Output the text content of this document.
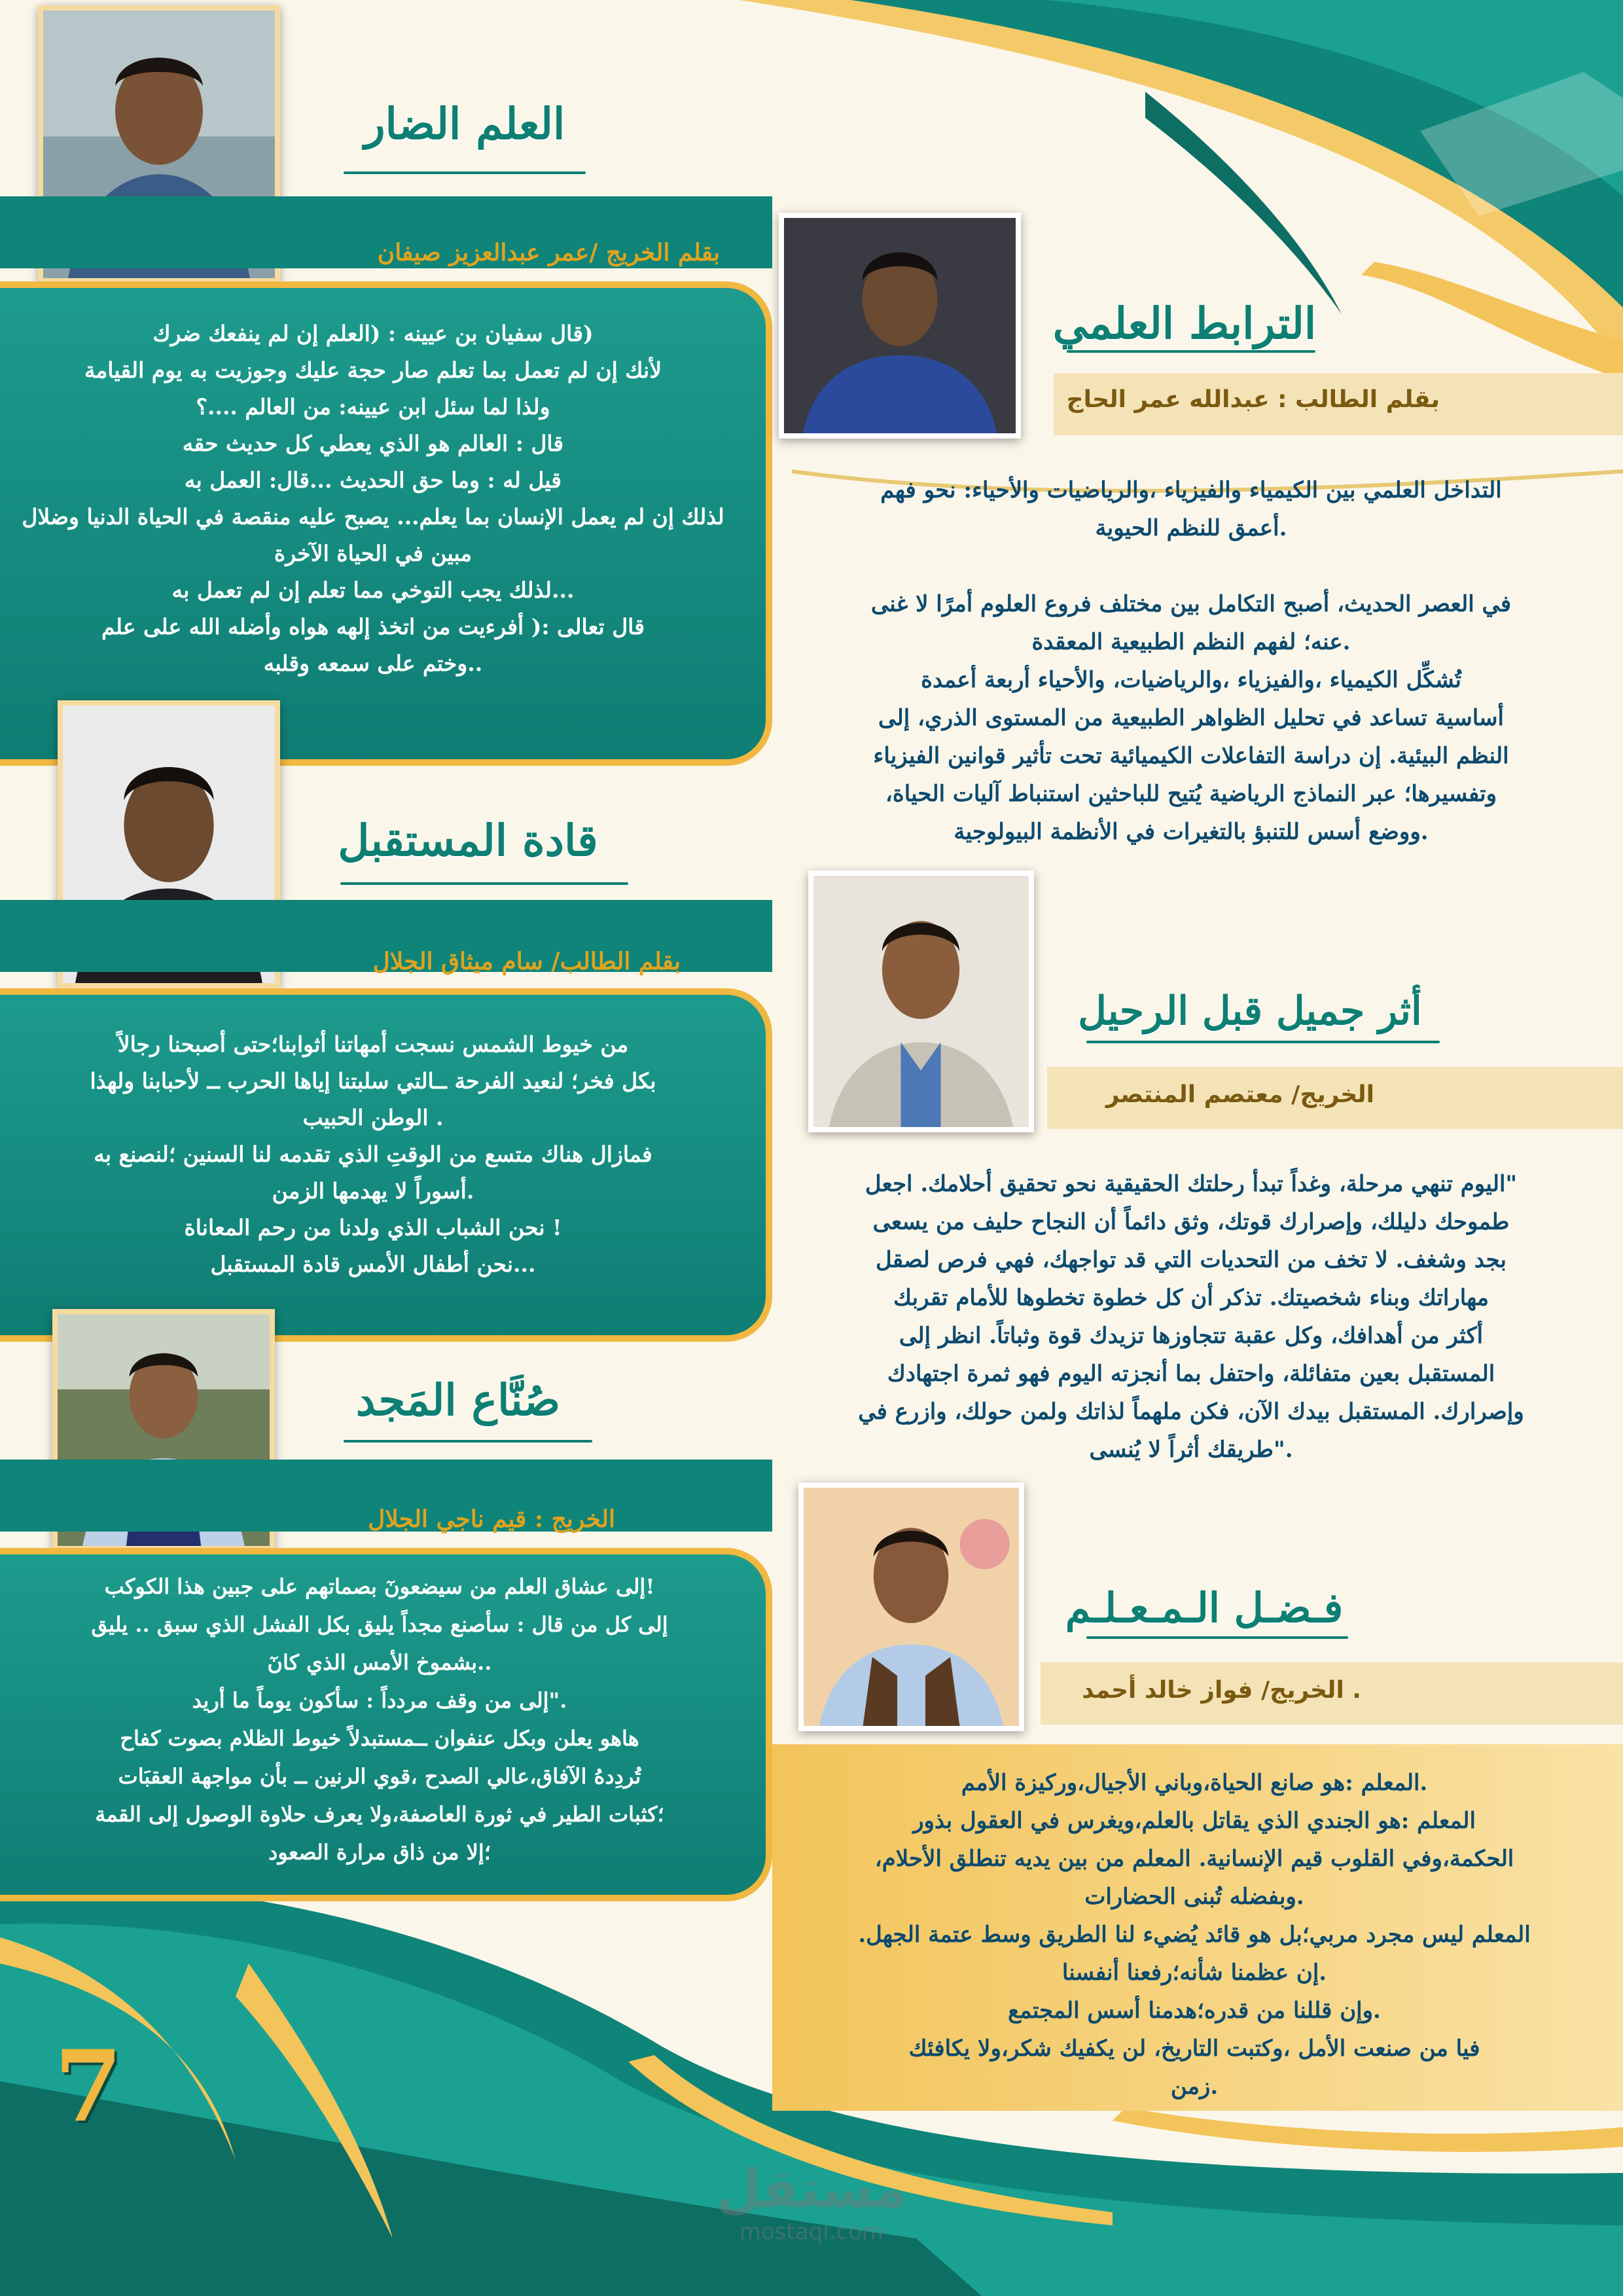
العلم الضار
بقلم الخريج /عمر عبدالعزيز صيفان
(قال سفيان بن عيينه : (العلم إن لم ينفعك ضرك
لأنك إن لم تعمل بما تعلم صار حجة عليك وجوزيت به يوم القيامة
ولذا لما سئل ابن عيينه: من العالم ....؟
قال : العالم هو الذي يعطي كل حديث حقه
قيل له : وما حق الحديث ...قال: العمل به
لذلك إن لم يعمل الإنسان بما يعلم... يصبح عليه منقصة في الحياة الدنيا وضلال مبين في الحياة الآخرة
...لذلك يجب التوخي مما تعلم إن لم تعمل به
قال تعالى :( أفرءيت من اتخذ إلهه هواه وأضله الله على علم
..وختم على سمعه وقلبه
قادة المستقبل
بقلم الطالب/ سام ميثاق الجلال
من خيوط الشمس نسجت أمهاتنا أثوابنا؛حتى أصبحنا رجالاً
بكل فخر؛ لنعيد الفرحة ــالتي سلبتنا إياها الحرب ــ لأحبابنا ولهذا
. الوطن الحبيب
فمازال هناك متسع من الوقتِ الذي تقدمه لنا السنين ؛لنصنع به
.أسوراً لا يهدمها الزمن
! نحن الشباب الذي ولدنا من رحم المعاناة
...نحن أطفال الأمس قادة المستقبل
صُنَّاع المَجد
الخريج : قيم ناجي الجلال
!إلى عشاق العلم من سيضعونٓ بصماتهم على جبين هذا الكوكب
إلى كل من قال : سأصنع مجداً يليق بكل الفشل الذي سبق .. يليق
..بشموخ الأمس الذي كانٓ
."إلى من وقف مردداً : سأكون يوماً ما أريد
هاهو يعلن وبكل عنفوان ــمستبدلاً خيوط الظلام بصوت كفاح
تُردِدهُ الآفاق،عالي الصدح ،قوي الرنين ــ بأن مواجهة العقبَات
؛كثبات الطير في ثورة العاصفة،ولا يعرف حلاوة الوصول إلى القمة
؛إلا من ذاق مرارة الصعود
الترابط العلمي
بقلم الطالب : عبدالله عمر الحاج
التداخل العلمي بين الكيمياء والفيزياء ،والرياضيات والأحياء: نحو فهم
.أعمق للنظم الحيوية

في العصر الحديث، أصبح التكامل بين مختلف فروع العلوم أمرًا لا غنى
.عنه؛ لفهم النظم الطبيعية المعقدة
تُشكِّل الكيمياء ،والفيزياء ،والرياضيات، والأحياء أربعة أعمدة
أساسية تساعد في تحليل الظواهر الطبيعية من المستوى الذري، إلى
النظم البيئية. إن دراسة التفاعلات الكيميائية تحت تأثير قوانين الفيزياء
وتفسيرها؛ عبر النماذج الرياضية يُتيح للباحثين استنباط آليات الحياة،
.ووضع أسس للتنبؤ بالتغيرات في الأنظمة البيولوجية
أثر جميل قبل الرحيل
الخريج/ معتصم المنتصر
"اليوم تنهي مرحلة، وغداً تبدأ رحلتك الحقيقية نحو تحقيق أحلامك. اجعل
طموحك دليلك، وإصرارك قوتك، وثق دائماً أن النجاح حليف من يسعى
بجد وشغف. لا تخف من التحديات التي قد تواجهك، فهي فرص لصقل
مهاراتك وبناء شخصيتك. تذكر أن كل خطوة تخطوها للأمام تقربك
أكثر من أهدافك، وكل عقبة تتجاوزها تزيدك قوة وثباتاً. انظر إلى
المستقبل بعين متفائلة، واحتفل بما أنجزته اليوم فهو ثمرة اجتهادك
وإصرارك. المستقبل بيدك الآن، فكن ملهماً لذاتك ولمن حولك، وازرع في
."طريقك أثراً لا يُنسى
فـضـل الـمـعـلـم
. الخريج/ فواز خالد أحمد
.المعلم :هو صانع الحياة،وباني الأجيال،وركيزة الأمم
المعلم :هو الجندي الذي يقاتل بالعلم،ويغرس في العقول بذور
الحكمة،وفي القلوب قيم الإنسانية. المعلم من بين يديه تنطلق الأحلام،
.وبفضله تُبنى الحضارات
المعلم ليس مجرد مربي؛بل هو قائد يُضيء لنا الطريق وسط عتمة الجهل.
.إن عظمنا شأنه؛رفعنا أنفسنا
.وإن قللنا من قدره؛هدمنا أسس المجتمع
فيا من صنعت الأمل ،وكتبت التاريخ، لن يكفيك شكر،ولا يكافئك
.زمن
7
مستقل
mostaql.com
